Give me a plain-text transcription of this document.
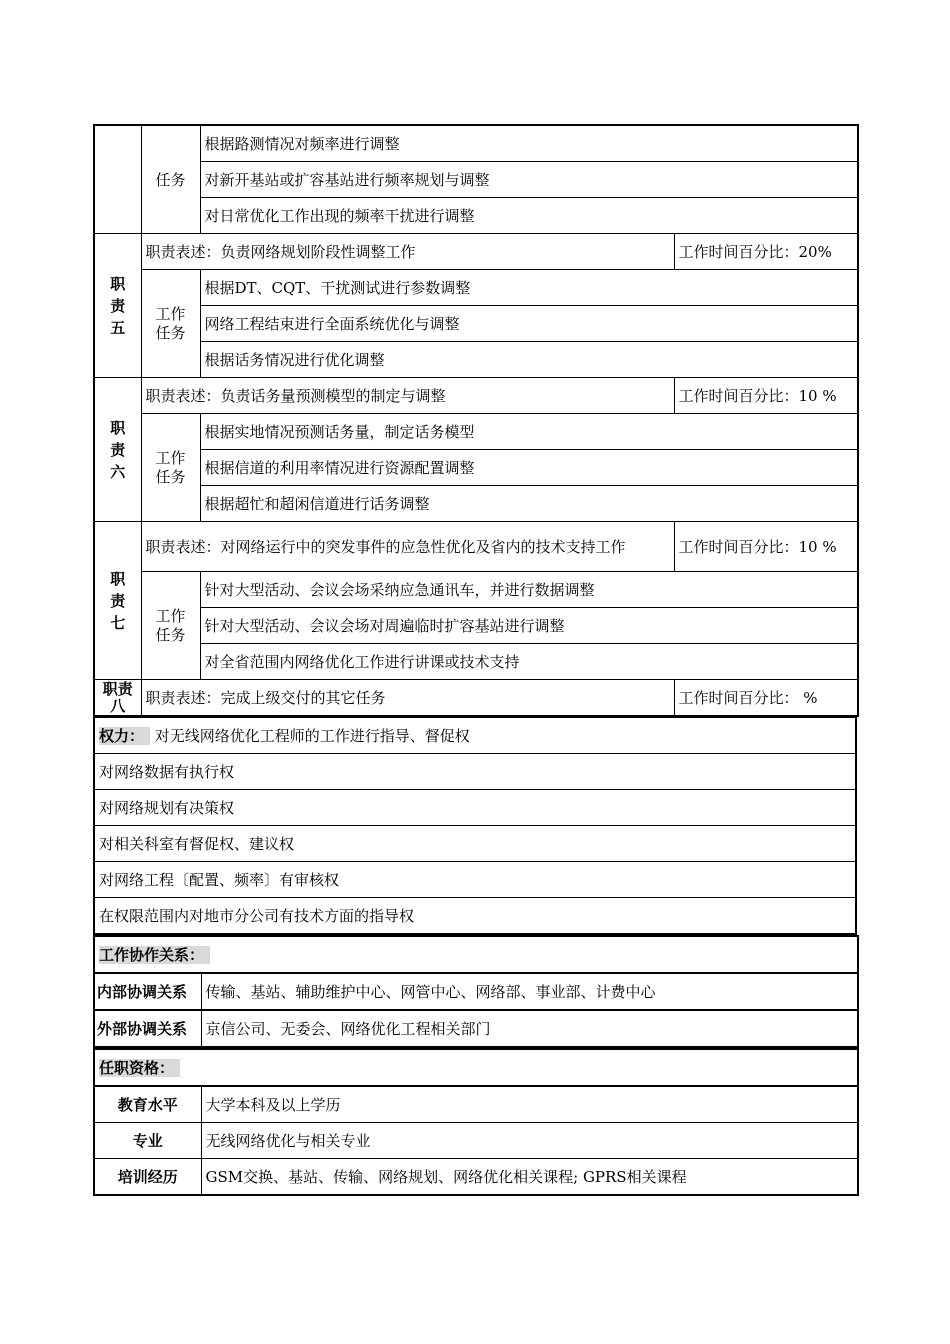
	任务	根据路测情况对频率进行调整	
		对新开基站或扩容基站进行频率规划与调整	
		对日常优化工作出现的频率干扰进行调整	
职责五	职责表述：负责网络规划阶段性调整工作		工作时间百分比：20%
	工作任务	根据DT、CQT、干扰测试进行参数调整	
		网络工程结束进行全面系统优化与调整	
		根据话务情况进行优化调整	
职责六	职责表述：负责话务量预测模型的制定与调整		工作时间百分比：10 %
	工作任务	根据实地情况预测话务量，制定话务模型	
		根据信道的利用率情况进行资源配置调整	
		根据超忙和超闲信道进行话务调整	
职责七	职责表述：对网络运行中的突发事件的应急性优化及省内的技术支持工作		工作时间百分比：10 %
	工作任务	针对大型活动、会议会场采纳应急通讯车，并进行数据调整	
		针对大型活动、会议会场对周遍临时扩容基站进行调整	
		对全省范围内网络优化工作进行讲课或技术支持	
职责八	职责表述：完成上级交付的其它任务		工作时间百分比： %
权力： 对无线网络优化工程师的工作进行指导、督促权
对网络数据有执行权
对网络规划有决策权
对相关科室有督促权、建议权
对网络工程〔配置、频率〕有审核权
在权限范围内对地市分公司有技术方面的指导权
工作协作关系：	
内部协调关系	传输、基站、辅助维护中心、网管中心、网络部、事业部、计费中心
外部协调关系	京信公司、无委会、网络优化工程相关部门
任职资格：	
教育水平	大学本科及以上学历
专业	无线网络优化与相关专业
培训经历	GSM交换、基站、传输、网络规划、网络优化相关课程; GPRS相关课程
